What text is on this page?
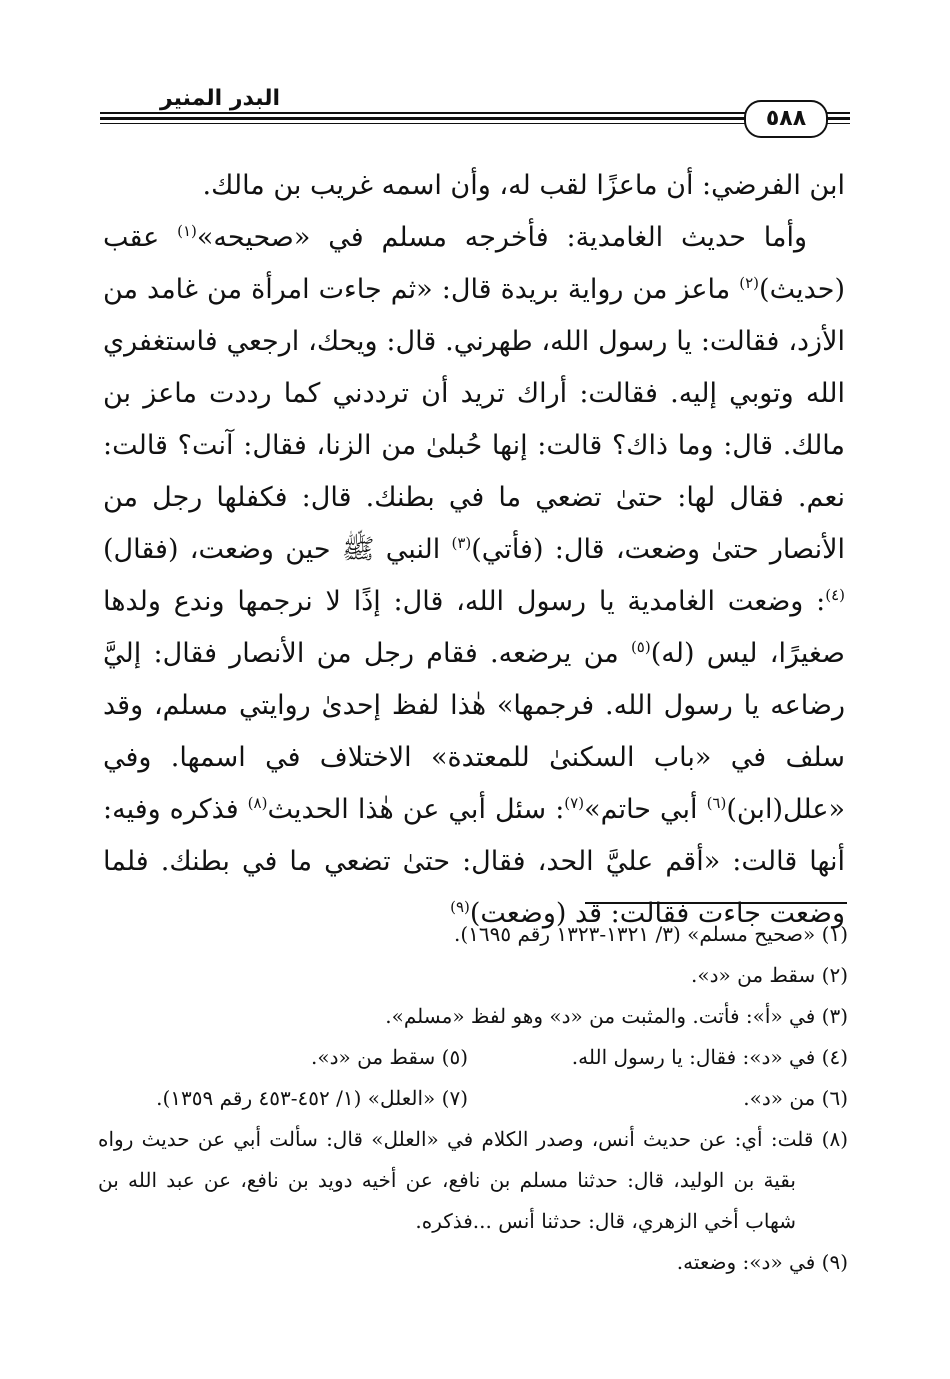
البدر المنير
٥٨٨

ابن الفرضي: أن ماعزًا لقب له، وأن اسمه غريب بن مالك.

وأما حديث الغامدية: فأخرجه مسلم في «صحيحه»$^{(١)}$ عقب (حديث)$^{(٢)}$ ماعز من رواية بريدة قال: «ثم جاءت امرأة من غامد من الأزد، فقالت: يا رسول الله، طهرني. قال: ويحك، ارجعي فاستغفري الله وتوبي إليه. فقالت: أراك تريد أن ترددني كما رددت ماعز بن مالك. قال: وما ذاك؟ قالت: إنها حُبلىٰ من الزنا، فقال: آنت؟ قالت: نعم. فقال لها: حتىٰ تضعي ما في بطنك. قال: فكفلها رجل من الأنصار حتىٰ وضعت، قال: (فأتي)$^{(٣)}$ النبي ﷺ حين وضعت، (فقال)$^{(٤)}$: وضعت الغامدية يا رسول الله، قال: إذًا لا نرجمها وندع ولدها صغيرًا، ليس (له)$^{(٥)}$ من يرضعه. فقام رجل من الأنصار فقال: إليَّ رضاعه يا رسول الله. فرجمها» هٰذا لفظ إحدىٰ روايتي مسلم، وقد سلف في «باب السكنىٰ للمعتدة» الاختلاف في اسمها. وفي «علل(ابن)$^{(٦)}$ أبي حاتم»$^{(٧)}$: سئل أبي عن هٰذا الحديث$^{(٨)}$ فذكره وفيه: أنها قالت: «أقم عليَّ الحد، فقال: حتىٰ تضعي ما في بطنك. فلما وضعت جاءت فقالت: قد (وضعت)$^{(٩)}$

(١) «صحيح مسلم» (٣/ ١٣٢١-١٣٢٣ رقم ١٦٩٥).

(٢) سقط من «د».

(٣) في «أ»: فأتت. والمثبت من «د» وهو لفظ «مسلم».

(٤) في «د»: فقال: يا رسول الله.
(٥) سقط من «د».
(٦) من «د».
(٧) «العلل» (١/ ٤٥٢-٤٥٣ رقم ١٣٥٩).

(٨) قلت: أي: عن حديث أنس، وصدر الكلام في «العلل» قال: سألت أبي عن حديث رواه بقية بن الوليد، قال: حدثنا مسلم بن نافع، عن أخيه دويد بن نافع، عن عبد الله بن شهاب أخي الزهري، قال: حدثنا أنس ...فذكره.

(٩) في «د»: وضعته.
